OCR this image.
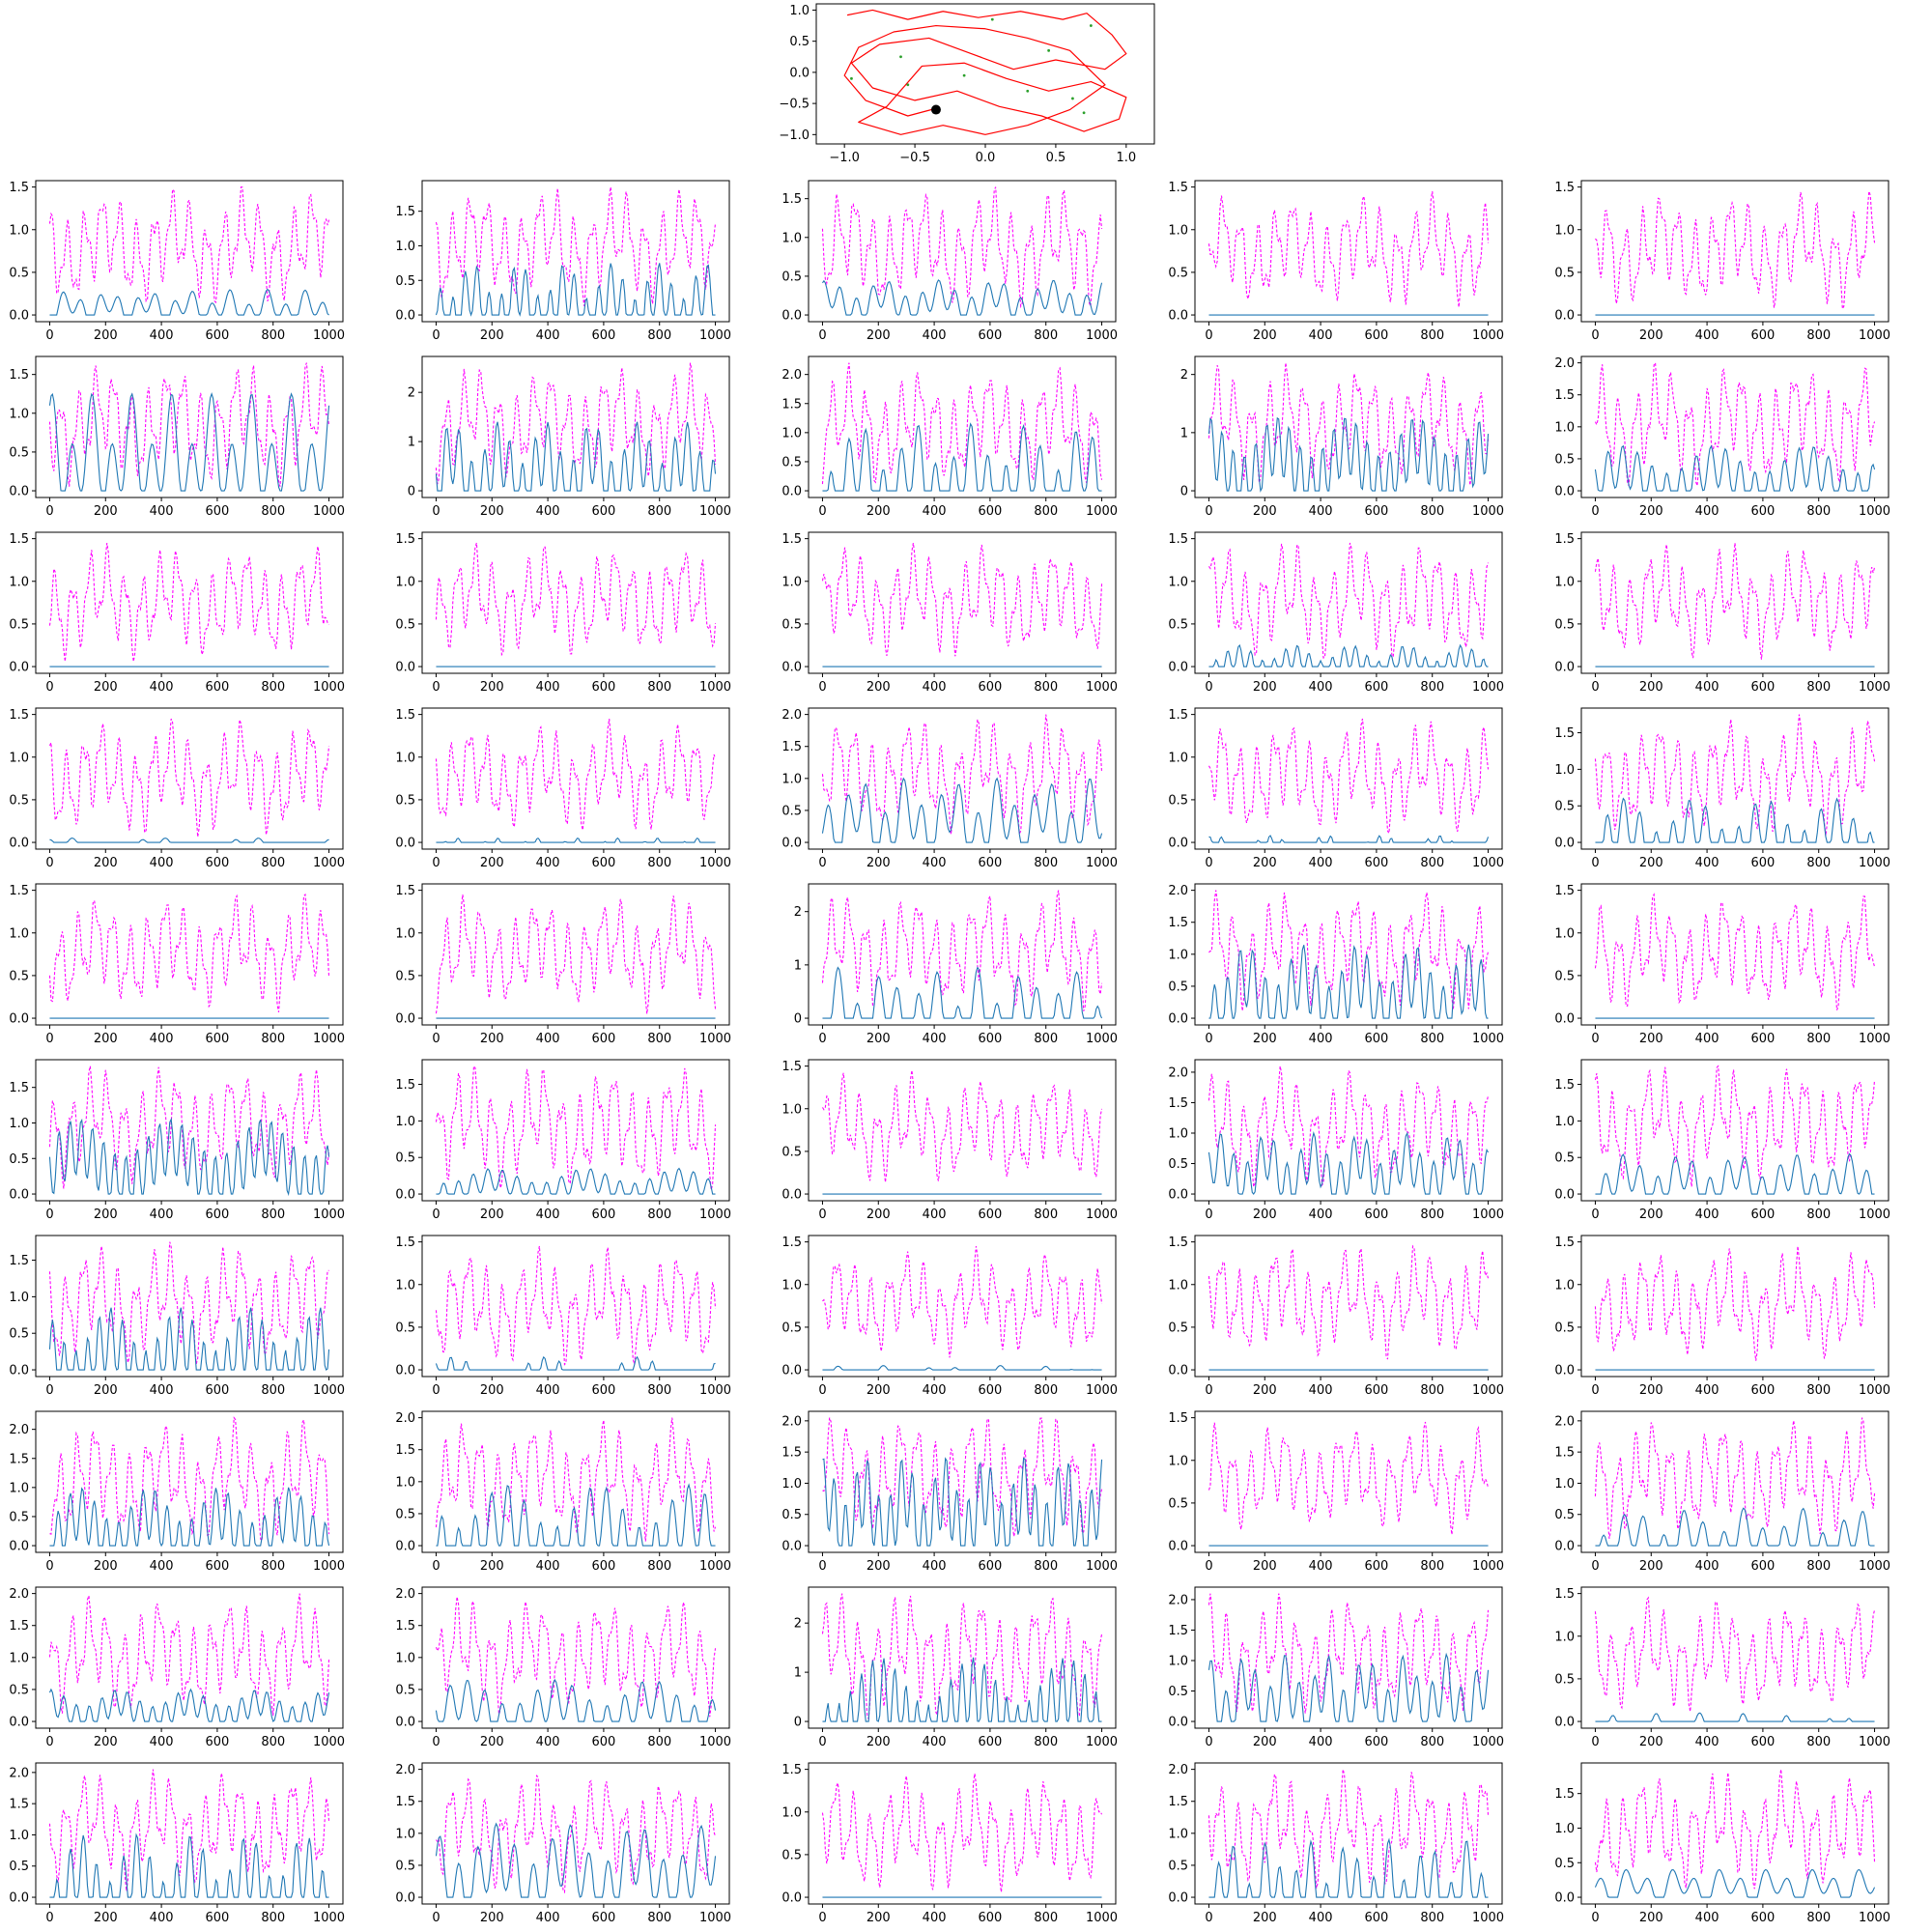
−1.0	−0.5	0.0	0.5	1.0
−1.0
−0.5
0.0
0.5
1.0
0	200	400	600	800 1000
0.0
0.5
1.0
1.5
0	200	400	600	800 1000
0.0
0.5
1.0
1.5
0	200	400	600	800 1000
0.0
0.5
1.0
1.5
0	200	400	600	800 1000
0.0
0.5
1.0
1.5
0	200	400	600	800 1000
0.0
0.5
1.0
1.5
0	200	400	600	800 1000
0.0
0.5
1.0
1.5
0	200	400	600	800 1000
0
1
2
0	200	400	600	800 1000
0.0
0.5
1.0
1.5
2.0
0	200	400	600	800 1000
0
1
2
0	200	400	600	800 1000
0.0
0.5
1.0
1.5
2.0
0	200	400	600	800 1000
0.0
0.5
1.0
1.5
0	200	400	600	800 1000
0.0
0.5
1.0
1.5
0	200	400	600	800 1000
0.0
0.5
1.0
1.5
0	200	400	600	800 1000
0.0
0.5
1.0
1.5
0	200	400	600	800 1000
0.0
0.5
1.0
1.5
0	200	400	600	800 1000
0.0
0.5
1.0
1.5
0	200	400	600	800 1000
0.0
0.5
1.0
1.5
0	200	400	600	800 1000
0.0
0.5
1.0
1.5
2.0
0	200	400	600	800 1000
0.0
0.5
1.0
1.5
0	200	400	600	800 1000
0.0
0.5
1.0
1.5
0	200	400	600	800 1000
0.0
0.5
1.0
1.5
0	200	400	600	800 1000
0.0
0.5
1.0
1.5
0	200	400	600	800 1000
0
1
2
0	200	400	600	800 1000
0.0
0.5
1.0
1.5
2.0
0	200	400	600	800 1000
0.0
0.5
1.0
1.5
0	200	400	600	800 1000
0.0
0.5
1.0
1.5
0	200	400	600	800 1000
0.0
0.5
1.0
1.5
0	200	400	600	800 1000
0.0
0.5
1.0
1.5
0	200	400	600	800 1000
0.0
0.5
1.0
1.5
2.0
0	200	400	600	800 1000
0.0
0.5
1.0
1.5
0	200	400	600	800 1000
0.0
0.5
1.0
1.5
0	200	400	600	800 1000
0.0
0.5
1.0
1.5
0	200	400	600	800 1000
0.0
0.5
1.0
1.5
0	200	400	600	800 1000
0.0
0.5
1.0
1.5
0	200	400	600	800 1000
0.0
0.5
1.0
1.5
0	200	400	600	800 1000
0.0
0.5
1.0
1.5
2.0
0	200	400	600	800 1000
0.0
0.5
1.0
1.5
2.0
0	200	400	600	800 1000
0.0
0.5
1.0
1.5
2.0
0	200	400	600	800 1000
0.0
0.5
1.0
1.5
0	200	400	600	800 1000
0.0
0.5
1.0
1.5
2.0
0	200	400	600	800 1000
0.0
0.5
1.0
1.5
2.0
0	200	400	600	800 1000
0.0
0.5
1.0
1.5
2.0
0	200	400	600	800 1000
0
1
2
0	200	400	600	800 1000
0.0
0.5
1.0
1.5
2.0
0	200	400	600	800 1000
0.0
0.5
1.0
1.5
0	200	400	600	800 1000
0.0
0.5
1.0
1.5
2.0
0	200	400	600	800 1000
0.0
0.5
1.0
1.5
2.0
0	200	400	600	800 1000
0.0
0.5
1.0
1.5
0	200	400	600	800 1000
0.0
0.5
1.0
1.5
2.0
0	200	400	600	800 1000
0.0
0.5
1.0
1.5
